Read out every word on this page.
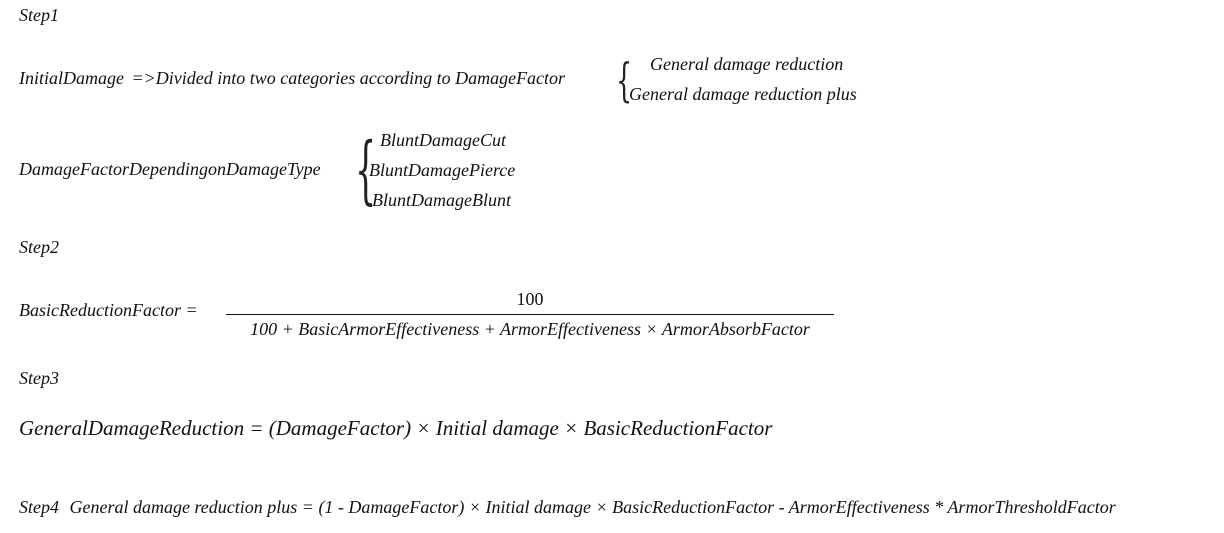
Step1
InitialDamage =>Divided into two categories according to DamageFactor { General damage reduction
General damage reduction plus
DamageFactorDependingonDamageType { BluntDamageCut
BluntDamagePierce
BluntDamageBlunt
Step2
BasicReductionFactor =
100
100 + BasicArmorEffectiveness + ArmorEffectiveness × ArmorAbsorbFactor
Step3
GeneralDamageReduction = (DamageFactor) × Initial damage × BasicReductionFactor
Step4 General damage reduction plus = (1 - DamageFactor) × Initial damage × BasicReductionFactor - ArmorEffectiveness * ArmorThresholdFactor
